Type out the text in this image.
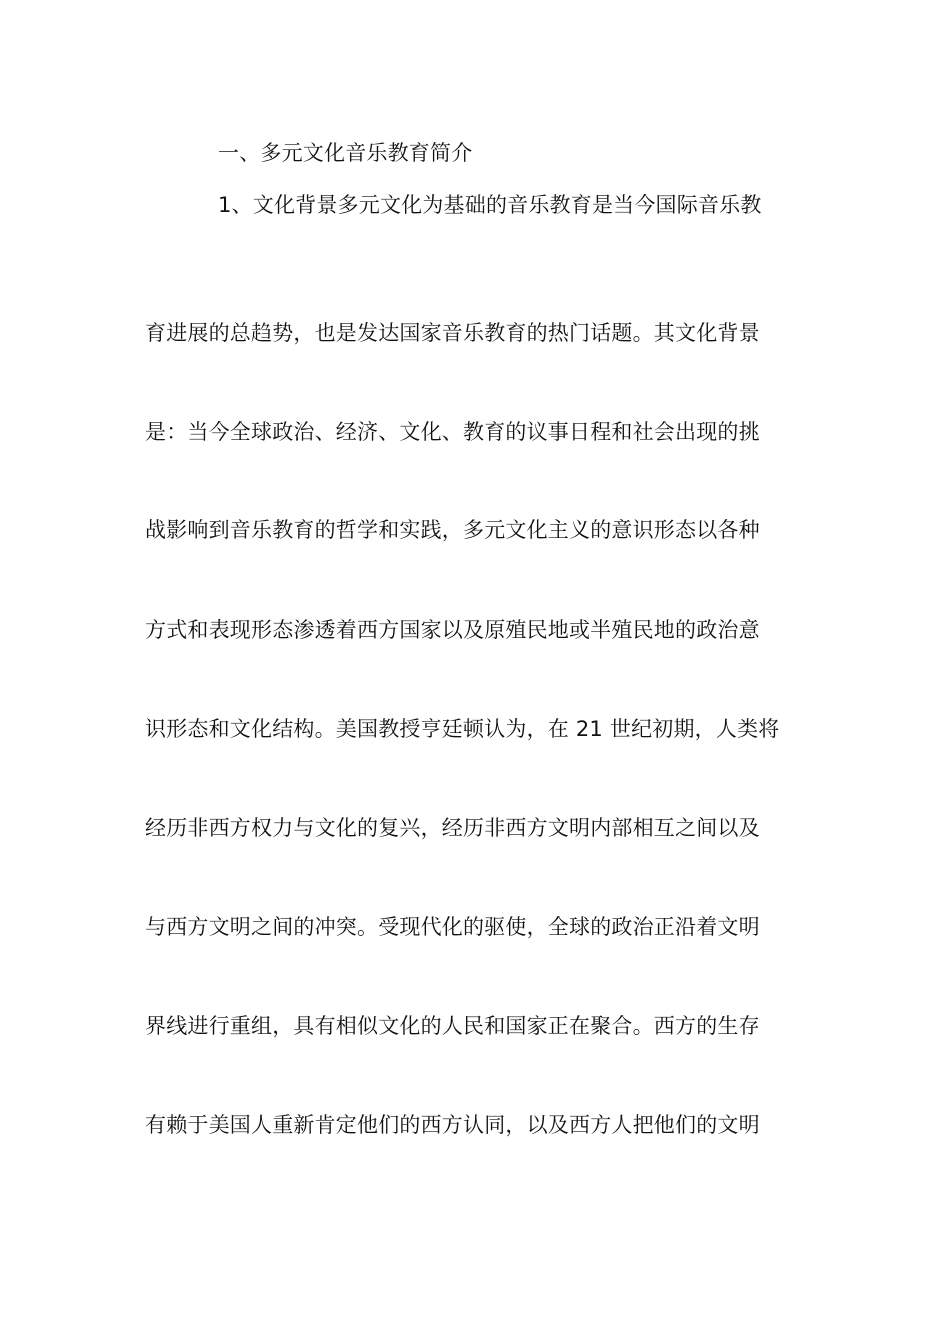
一、多元文化音乐教育简介
1、文化背景多元文化为基础的音乐教育是当今国际音乐教
育进展的总趋势，也是发达国家音乐教育的热门话题。其文化背景
是：当今全球政治、经济、文化、教育的议事日程和社会出现的挑
战影响到音乐教育的哲学和实践，多元文化主义的意识形态以各种
方式和表现形态渗透着西方国家以及原殖民地或半殖民地的政治意
识形态和文化结构。美国教授亨廷顿认为，在 21 世纪初期，人类将
经历非西方权力与文化的复兴，经历非西方文明内部相互之间以及
与西方文明之间的冲突。受现代化的驱使，全球的政治正沿着文明
界线进行重组，具有相似文化的人民和国家正在聚合。西方的生存
有赖于美国人重新肯定他们的西方认同，以及西方人把他们的文明
